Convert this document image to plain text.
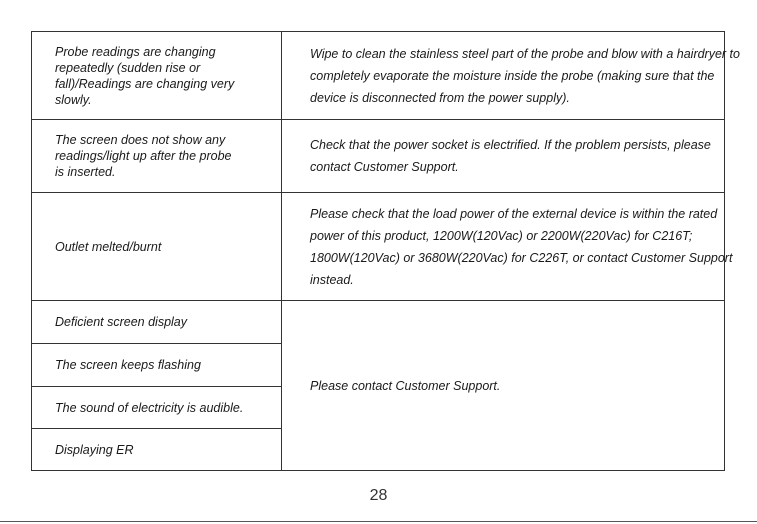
Probe readings are changing repeatedly (sudden rise or fall)/Readings are changing very slowly.	Wipe to clean the stainless steel part of the probe and blow with a hairdryer to completely evaporate the moisture inside the probe (making sure that the device is disconnected from the power supply).

The screen does not show any readings/light up after the probe is inserted.	Check that the power socket is electrified. If the problem persists, please contact Customer Support.

Outlet melted/burnt	Please check that the load power of the external device is within the rated power of this product, 1200W(120Vac) or 2200W(220Vac) for C216T; 1800W(120Vac) or 3680W(220Vac) for C226T, or contact Customer Support instead.

Deficient screen display	Please contact Customer Support.

The screen keeps flashing	

The sound of electricity is audible.	

Displaying ER	
28
